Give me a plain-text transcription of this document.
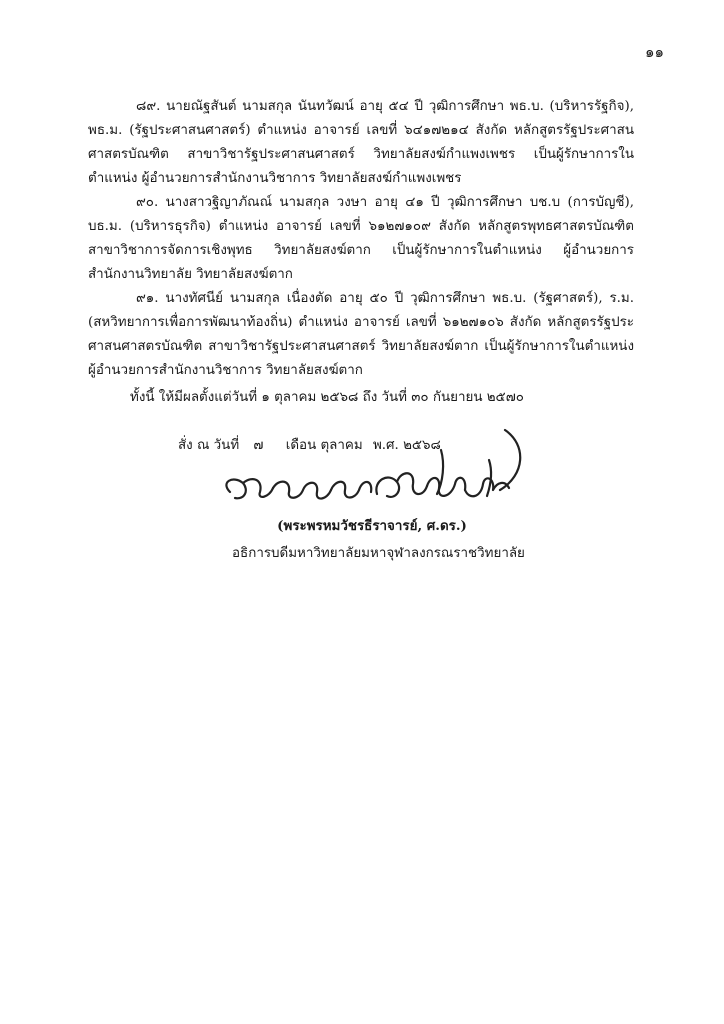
๑๑

๘๙. นายณัฐสันต์ นามสกุล นันทวัฒน์ อายุ ๕๔ ปี วุฒิการศึกษา พธ.บ. (บริหารรัฐกิจ), พธ.ม. (รัฐประศาสนศาสตร์) ตำแหน่ง อาจารย์ เลขที่ ๖๔๑๗๒๑๔ สังกัด หลักสูตรรัฐประศาสนศาสตรบัณฑิต สาขาวิชารัฐประศาสนศาสตร์ วิทยาลัยสงฆ์กำแพงเพชร เป็นผู้รักษาการในตำแหน่ง ผู้อำนวยการสำนักงานวิชาการ วิทยาลัยสงฆ์กำแพงเพชร

๙๐. นางสาวฐิญาภัณณ์ นามสกุล วงษา อายุ ๔๑ ปี วุฒิการศึกษา บช.บ (การบัญชี), บธ.ม. (บริหารธุรกิจ) ตำแหน่ง อาจารย์ เลขที่ ๖๑๒๗๑๐๙ สังกัด หลักสูตรพุทธศาสตรบัณฑิต สาขาวิชาการจัดการเชิงพุทธ วิทยาลัยสงฆ์ตาก เป็นผู้รักษาการในตำแหน่ง ผู้อำนวยการสำนักงานวิทยาลัย วิทยาลัยสงฆ์ตาก

๙๑. นางทัศนีย์ นามสกุล เนื่องตัด อายุ ๕๐ ปี วุฒิการศึกษา พธ.บ. (รัฐศาสตร์), ร.ม. (สหวิทยาการเพื่อการพัฒนาท้องถิ่น) ตำแหน่ง อาจารย์ เลขที่ ๖๑๒๗๑๐๖ สังกัด หลักสูตรรัฐประศาสนศาสตรบัณฑิต สาขาวิชารัฐประศาสนศาสตร์ วิทยาลัยสงฆ์ตาก เป็นผู้รักษาการในตำแหน่ง ผู้อำนวยการสำนักงานวิชาการ วิทยาลัยสงฆ์ตาก

ทั้งนี้ ให้มีผลตั้งแต่วันที่ ๑ ตุลาคม ๒๕๖๘ ถึง วันที่ ๓๐ กันยายน ๒๕๗๐
สั่ง ณ วันที่ ๗ เดือน ตุลาคม พ.ศ. ๒๕๖๘
(พระพรหมวัชรธีราจารย์, ศ.ดร.)
อธิการบดีมหาวิทยาลัยมหาจุฬาลงกรณราชวิทยาลัย
